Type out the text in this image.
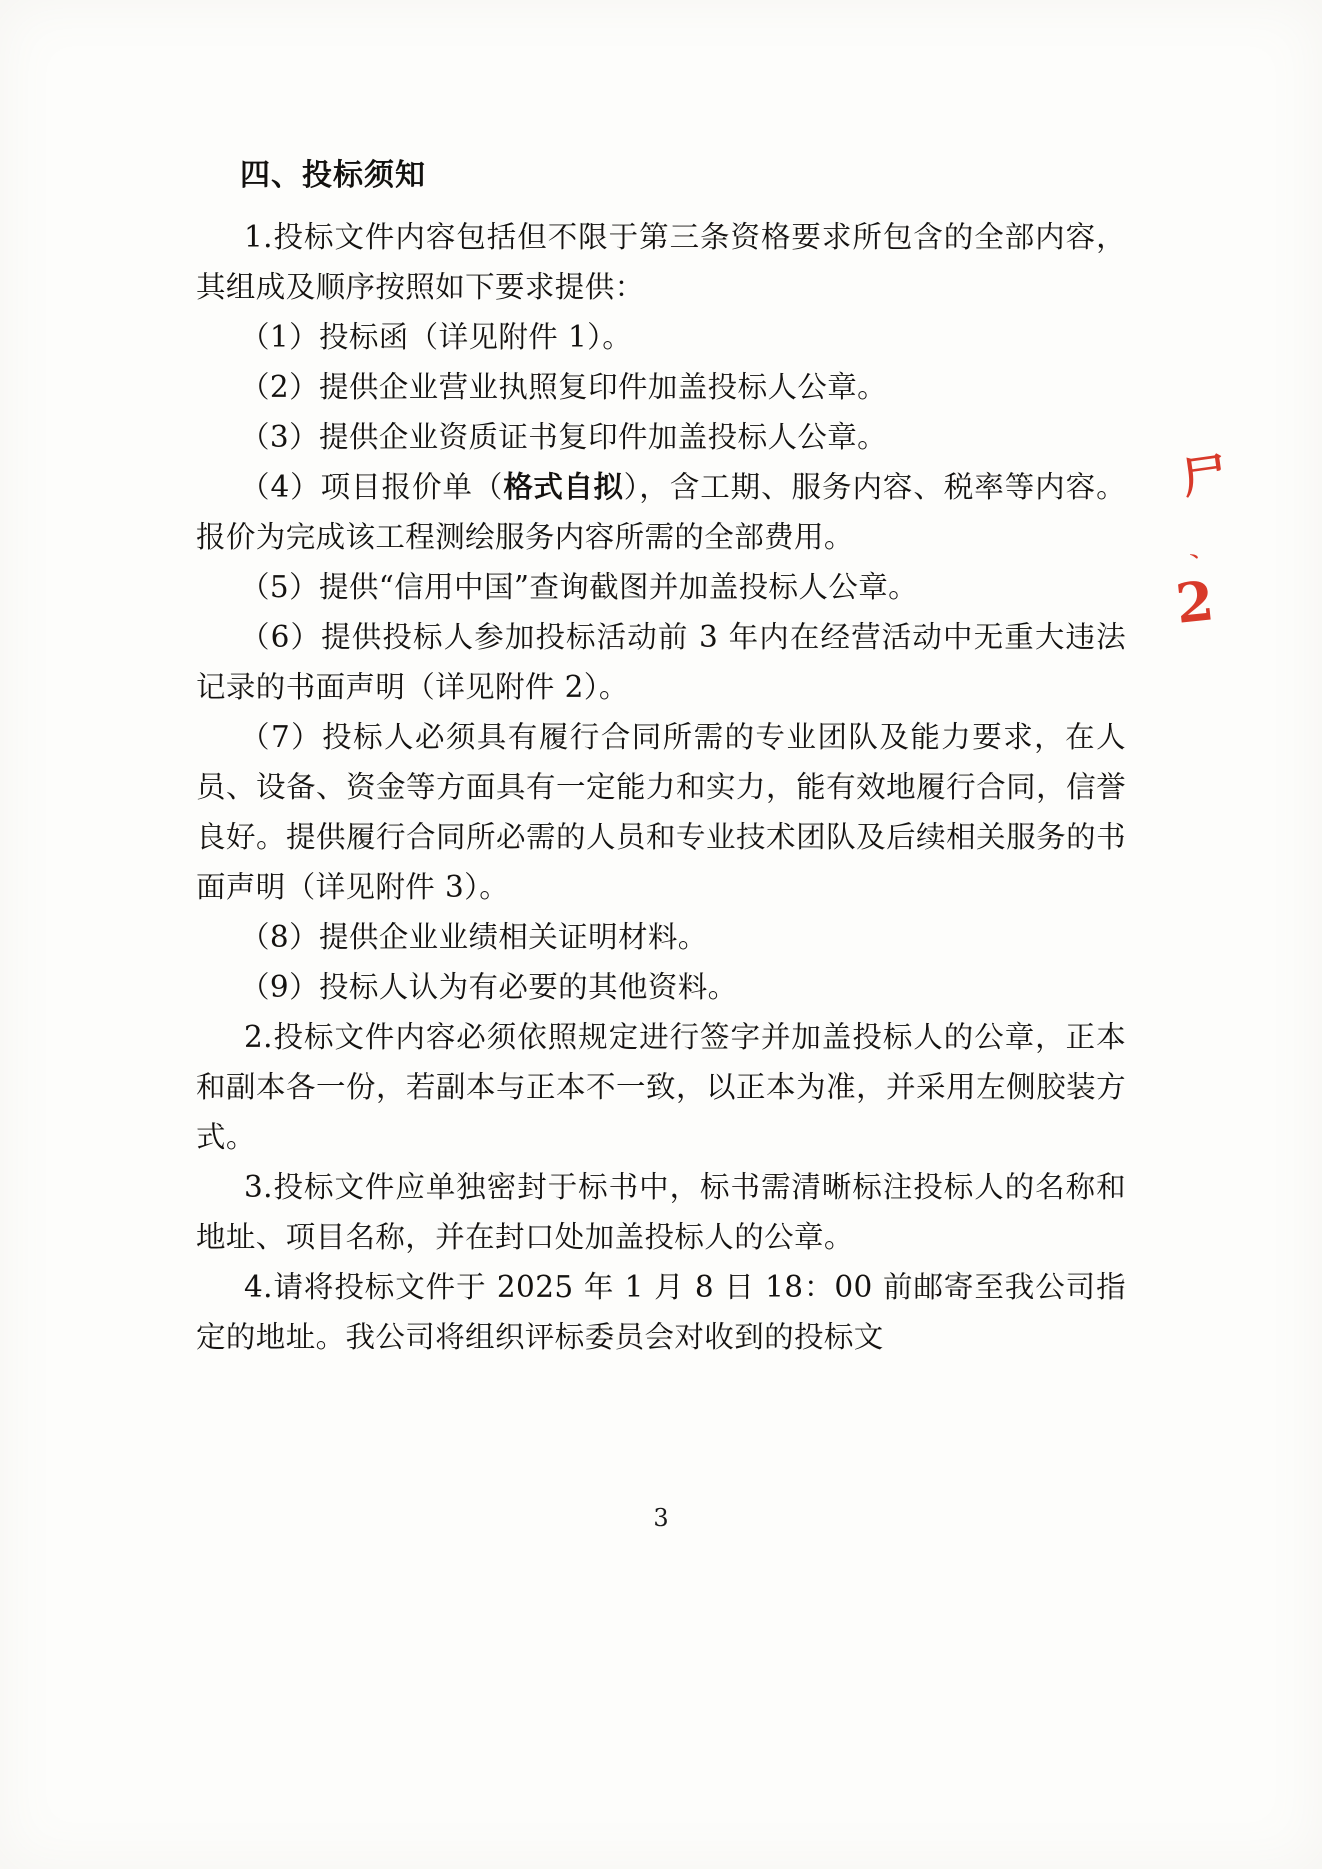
四、投标须知

1.投标文件内容包括但不限于第三条资格要求所包含的全部内容，其组成及顺序按照如下要求提供：

（1）投标函（详见附件 1）。

（2）提供企业营业执照复印件加盖投标人公章。

（3）提供企业资质证书复印件加盖投标人公章。

（4）项目报价单（格式自拟），含工期、服务内容、税率等内容。报价为完成该工程测绘服务内容所需的全部费用。

（5）提供“信用中国”查询截图并加盖投标人公章。

（6）提供投标人参加投标活动前 3 年内在经营活动中无重大违法记录的书面声明（详见附件 2）。

（7）投标人必须具有履行合同所需的专业团队及能力要求，在人员、设备、资金等方面具有一定能力和实力，能有效地履行合同，信誉良好。提供履行合同所必需的人员和专业技术团队及后续相关服务的书面声明（详见附件 3）。

（8）提供企业业绩相关证明材料。

（9）投标人认为有必要的其他资料。

2.投标文件内容必须依照规定进行签字并加盖投标人的公章，正本和副本各一份，若副本与正本不一致，以正本为准，并采用左侧胶装方式。

3.投标文件应单独密封于标书中，标书需清晰标注投标人的名称和地址、项目名称，并在封口处加盖投标人的公章。

4.请将投标文件于 2025 年 1 月 8 日 18：00 前邮寄至我公司指定的地址。我公司将组织评标委员会对收到的投标文

尸
、
2
3
